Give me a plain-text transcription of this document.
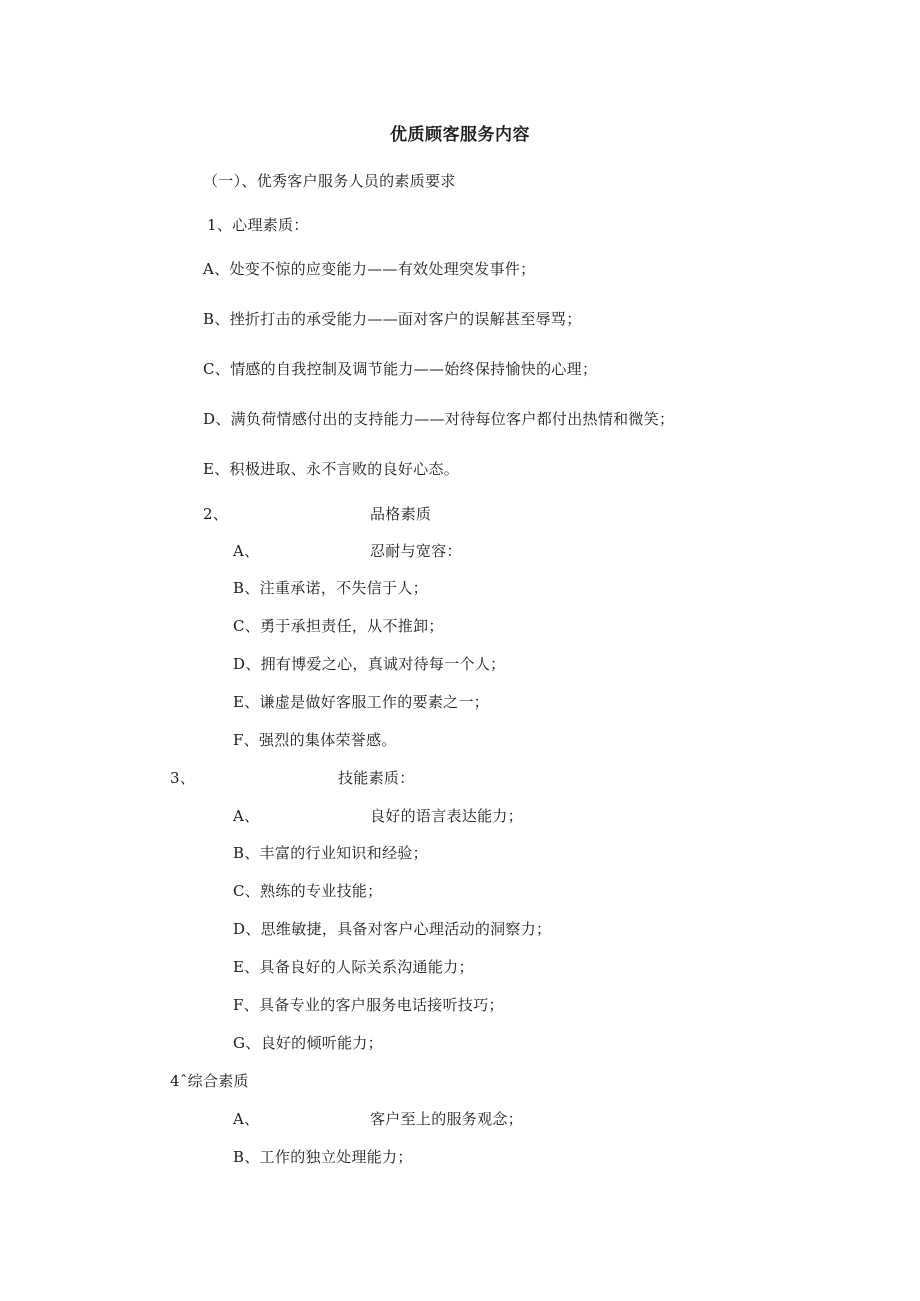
优质顾客服务内容
（一）、优秀客户服务人员的素质要求
1、心理素质：
A、处变不惊的应变能力——有效处理突发事件；
B、挫折打击的承受能力——面对客户的误解甚至辱骂；
C、情感的自我控制及调节能力——始终保持愉快的心理；
D、满负荷情感付出的支持能力——对待每位客户都付出热情和微笑；
E、积极进取、永不言败的良好心态。
2、	品格素质
A、	忍耐与宽容：
B、注重承诺，不失信于人；
C、勇于承担责任，从不推卸；
D、拥有博爱之心，真诚对待每一个人；
E、谦虚是做好客服工作的要素之一；
F、强烈的集体荣誉感。
3、	技能素质：
A、	良好的语言表达能力；
B、丰富的行业知识和经验；
C、熟练的专业技能；
D、思维敏捷，具备对客户心理活动的洞察力；
E、具备良好的人际关系沟通能力；
F、具备专业的客户服务电话接听技巧；
G、良好的倾听能力；
4ˆ综合素质
A、	客户至上的服务观念；
B、工作的独立处理能力；
